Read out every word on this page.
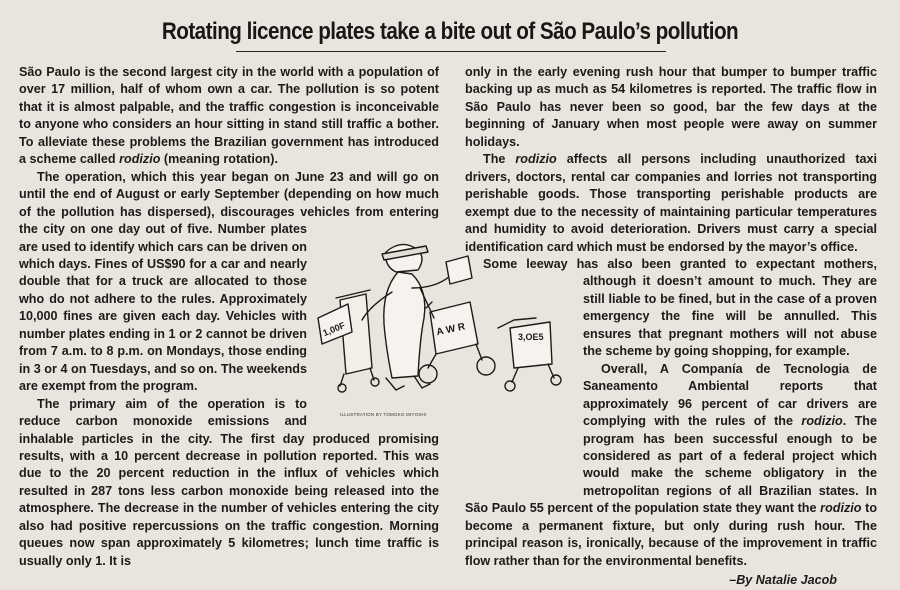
Rotating licence plates take a bite out of São Paulo’s pollution

São Paulo is the second largest city in the world with a population of over 17 million, half of whom own a car. The pollution is so potent that it is almost palpable, and the traffic congestion is inconceivable to anyone who considers an hour sitting in stand still traffic a bother. To alleviate these problems the Brazilian government has introduced a scheme called rodizio (meaning rotation).

The operation, which this year began on June 23 and will go on until the end of August or early September (depending on how much of the pollution has dispersed), discourages vehicles from entering the city on one day out of five. Number plates are used to identify which cars can be driven on which days. Fines of US$90 for a car and nearly double that for a truck are allocated to those who do not adhere to the rules. Approximately 10,000 fines are given each day. Vehicles with number plates ending in 1 or 2 cannot be driven from 7 a.m. to 8 p.m. on Mondays, those ending in 3 or 4 on Tuesdays, and so on. The weekends are exempt from the program.

The primary aim of the operation is to reduce carbon monoxide emissions and inhalable particles in the city. The first day produced promising results, with a 10 percent decrease in pollution reported. This was due to the 20 percent reduction in the influx of vehicles which resulted in 287 tons less carbon monoxide being released into the atmosphere. The decrease in the number of vehicles entering the city also had positive repercussions on the traffic congestion. Morning queues now span approximately 5 kilometres; lunch time traffic is usually only 1. It is

only in the early evening rush hour that bumper to bumper traffic backing up as much as 54 kilometres is reported. The traffic flow in São Paulo has never been so good, bar the few days at the beginning of January when most people were away on summer holidays.

The rodizio affects all persons including unauthorized taxi drivers, doctors, rental car companies and lorries not transporting perishable goods. Those transporting perishable products are exempt due to the necessity of maintaining particular temperatures and humidity to avoid deterioration. Drivers must carry a special identification card which must be endorsed by the mayor’s office.

Some leeway has also been granted to expectant mothers, although it doesn’t amount to much. They are still liable to be fined, but in the case of a proven emergency the fine will be annulled. This ensures that pregnant mothers will not abuse the scheme by going shopping, for example.

Overall, A Companía de Tecnologia de Saneamento Ambiental reports that approximately 96 percent of car drivers are complying with the rules of the rodizio. The program has been successful enough to be considered as part of a federal project which would make the scheme obligatory in the metropolitan regions of all Brazilian states. In São Paulo 55 percent of the population state they want the rodizio to become a permanent fixture, but only during rush hour. The principal reason is, ironically, because of the improvement in traffic flow rather than for the environmental benefits.

–By Natalie Jacob
1,00F	A W R	3,OE5
ILLUSTRATION BY TOMOKO MIYOSHI
